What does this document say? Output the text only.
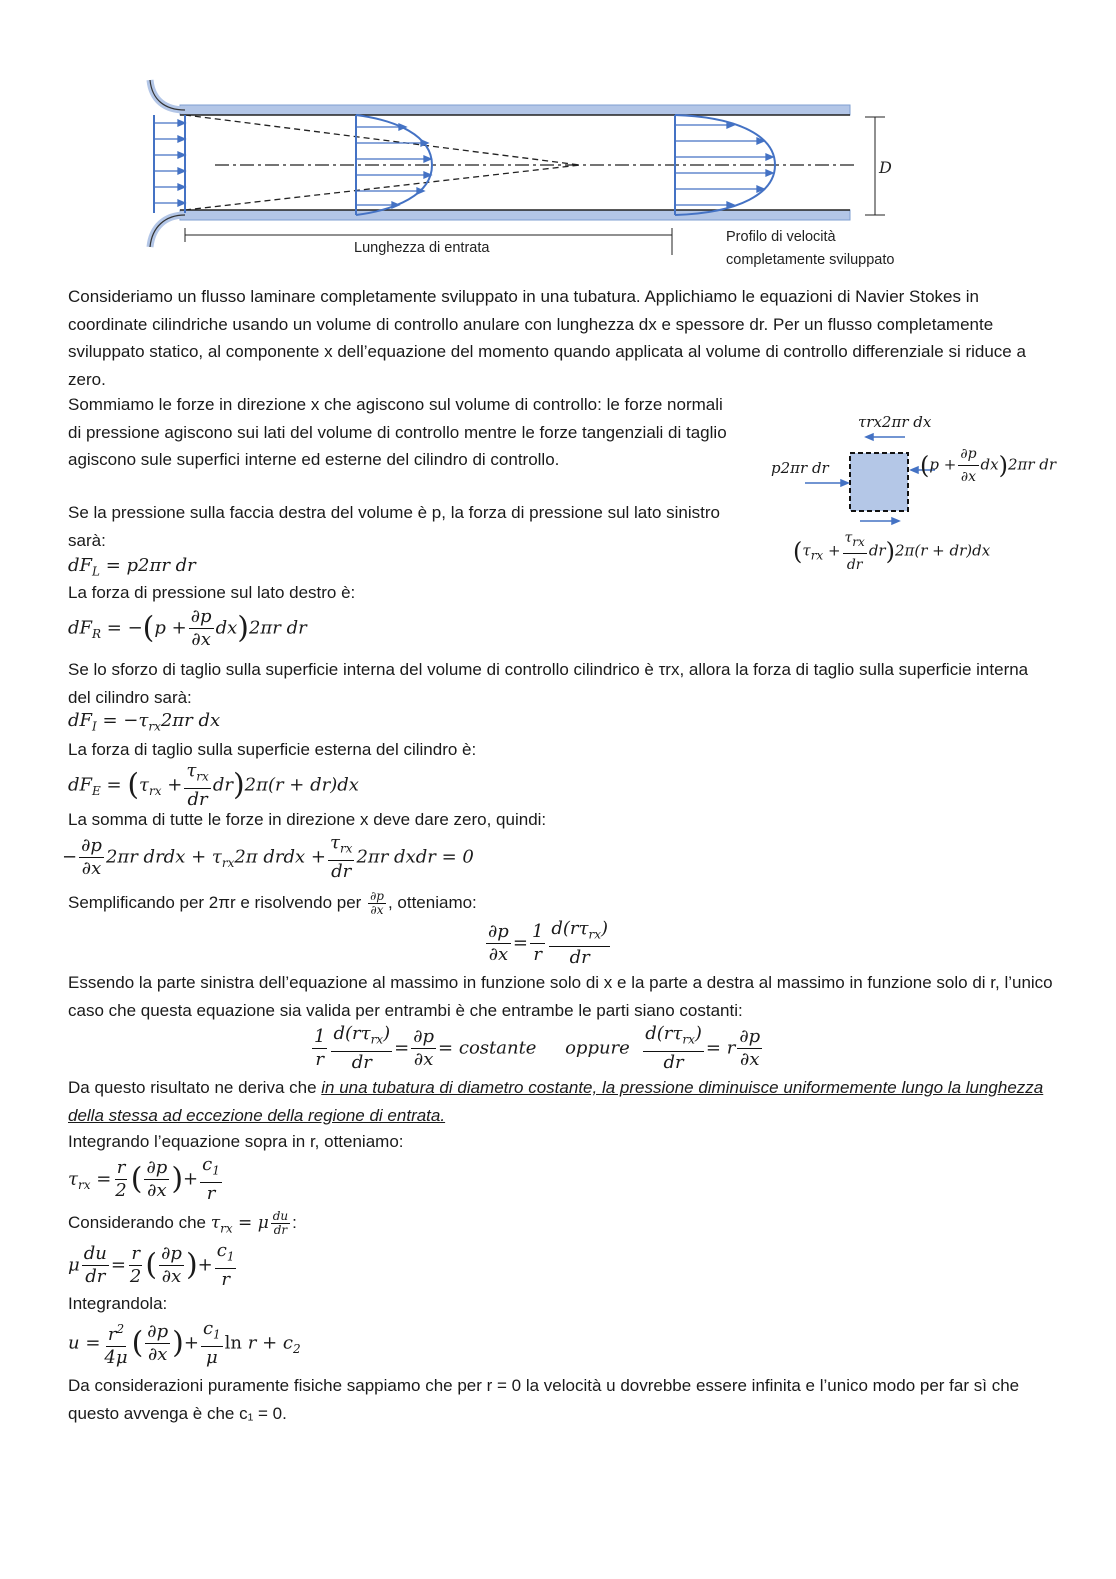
D
Lunghezza di entrata
Profilo di velocità
completamente sviluppato
Consideriamo un flusso laminare completamente sviluppato in una tubatura. Applichiamo le equazioni di Navier Stokes in coordinate cilindriche usando un volume di controllo anulare con lunghezza dx e spessore dr. Per un flusso completamente sviluppato statico, al componente x dell’equazione del momento quando applicata al volume di controllo differenziale si riduce a zero.
Sommiamo le forze in direzione x che agiscono sul volume di controllo: le forze normali di pressione agiscono sui lati del volume di controllo mentre le forze tangenziali di taglio agiscono sule superfici interne ed esterne del cilindro di controllo.
Se la pressione sulla faccia destra del volume è p, la forza di pressione sul lato sinistro sarà:
τrx2πr dx
p2πr dr	$(p + \frac{\partial p}{\partial x} dx)2\pi r$ dr
$(\tau_{rx} + \frac{\tau_{rx}}{dr} dr)2\pi(r + dr)dx$
$dF_L = p2\pi r$ dr
La forza di pressione sul lato destro è:
$dF_R = -(p + \frac{\partial p}{\partial x} dx)2\pi r$ dr
Se lo sforzo di taglio sulla superficie interna del volume di controllo cilindrico è τrx, allora la forza di taglio sulla superficie interna del cilindro sarà:
$dF_I = -\tau_{rx}2\pi r$ dx
La forza di taglio sulla superficie esterna del cilindro è:
$dF_E = (\tau_{rx} + \frac{\tau_{rx}}{dr} dr)2\pi(r + dr)dx$
La somma di tutte le forze in direzione x deve dare zero, quindi:
− $\frac{\partial p}{\partial x} 2\pi r$ drdx + $\tau_{rx}2\pi$ drdx + $\frac{\tau_{rx}}{dr} 2\pi r$ dxdr = 0
Semplificando per 2πr e risolvendo per $\frac{\partial p}{\partial x}$ , otteniamo:
$\frac{\partial p}{\partial x} = \frac{1}{r} \frac{d(r\tau_{rx})}{dr}$
Essendo la parte sinistra dell’equazione al massimo in funzione solo di x e la parte a destra al massimo in funzione solo di r, l’unico caso che questa equazione sia valida per entrambi è che entrambe le parti siano costanti:
$\frac{1}{r} \frac{d(r\tau_{rx})}{dr} = \frac{\partial p}{\partial x}$ = costante oppure $\frac{d(r\tau_{rx})}{dr} = r \frac{\partial p}{\partial x}$
Da questo risultato ne deriva che in una tubatura di diametro costante, la pressione diminuisce uniformemente lungo la lunghezza della stessa ad eccezione della regione di entrata.
Integrando l’equazione sopra in r, otteniamo:
$\tau_{rx} = \frac{r}{2}$ ( $\frac{\partial p}{\partial x}$ )+ $\frac{c_1}{r}$
Considerando che $\tau_{rx} = \mu \frac{du}{dr}$ :
μ $\frac{du}{dr} = \frac{r}{2}$ ( $\frac{\partial p}{\partial x}$ )+ $\frac{c_1}{r}$
Integrandola:
$u = \frac{r^2}{4\mu}$ ( $\frac{\partial p}{\partial x}$ )+ $\frac{c_1}{\mu}$ $\ln r + c_2$
Da considerazioni puramente fisiche sappiamo che per r = 0 la velocità u dovrebbe essere infinita e l’unico modo per far sì che questo avvenga è che c₁ = 0.
